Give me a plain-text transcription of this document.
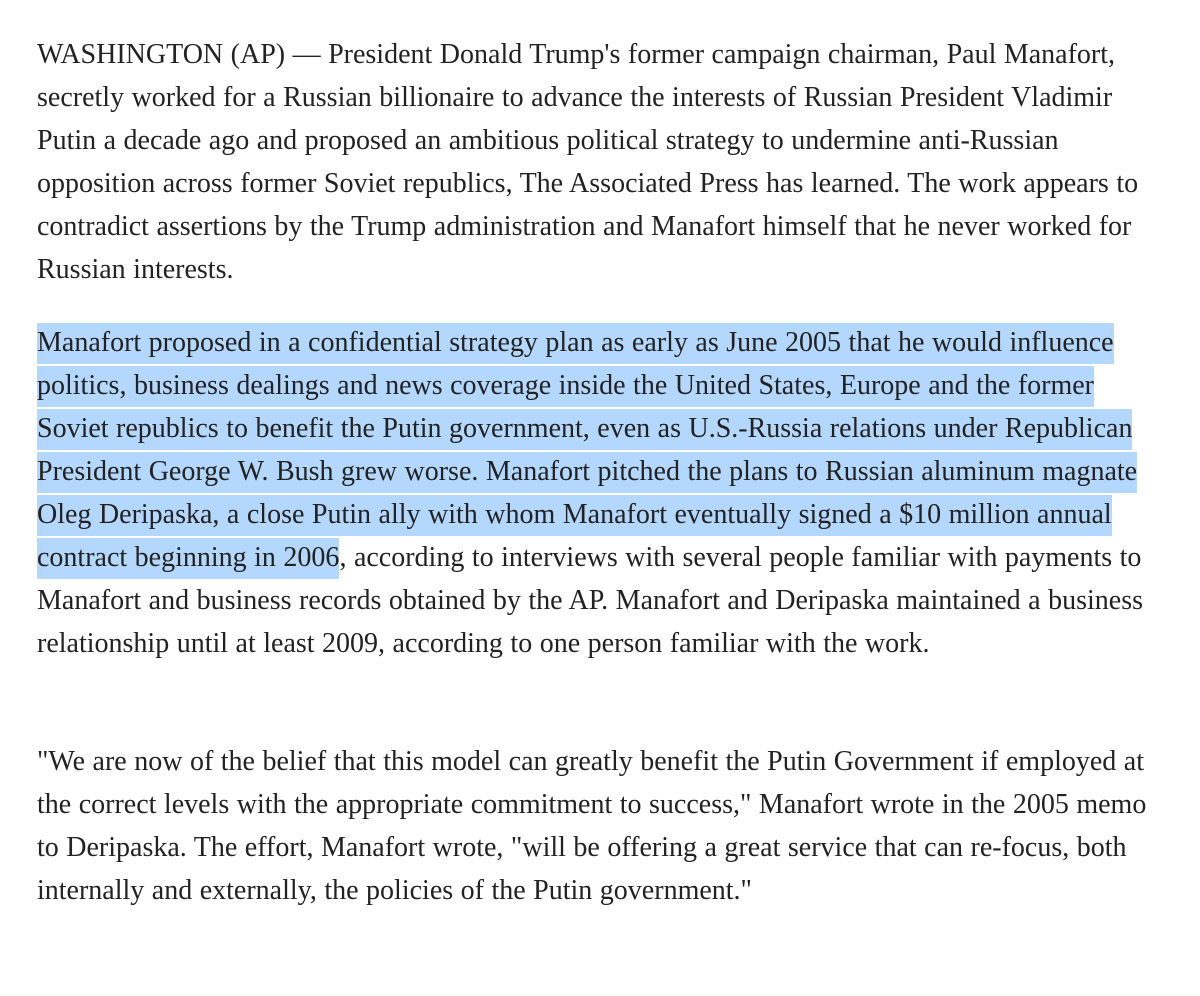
WASHINGTON (AP) — President Donald Trump's former campaign chairman, Paul Manafort, secretly worked for a Russian billionaire to advance the interests of Russian President Vladimir Putin a decade ago and proposed an ambitious political strategy to undermine anti-Russian opposition across former Soviet republics, The Associated Press has learned. The work appears to contradict assertions by the Trump administration and Manafort himself that he never worked for Russian interests.

Manafort proposed in a confidential strategy plan as early as June 2005 that he would influence politics, business dealings and news coverage inside the United States, Europe and the former Soviet republics to benefit the Putin government, even as U.S.-Russia relations under Republican President George W. Bush grew worse. Manafort pitched the plans to Russian aluminum magnate Oleg Deripaska, a close Putin ally with whom Manafort eventually signed a $10 million annual contract beginning in 2006, according to interviews with several people familiar with payments to Manafort and business records obtained by the AP. Manafort and Deripaska maintained a business relationship until at least 2009, according to one person familiar with the work.

"We are now of the belief that this model can greatly benefit the Putin Government if employed at the correct levels with the appropriate commitment to success," Manafort wrote in the 2005 memo to Deripaska. The effort, Manafort wrote, "will be offering a great service that can re-focus, both internally and externally, the policies of the Putin government."
